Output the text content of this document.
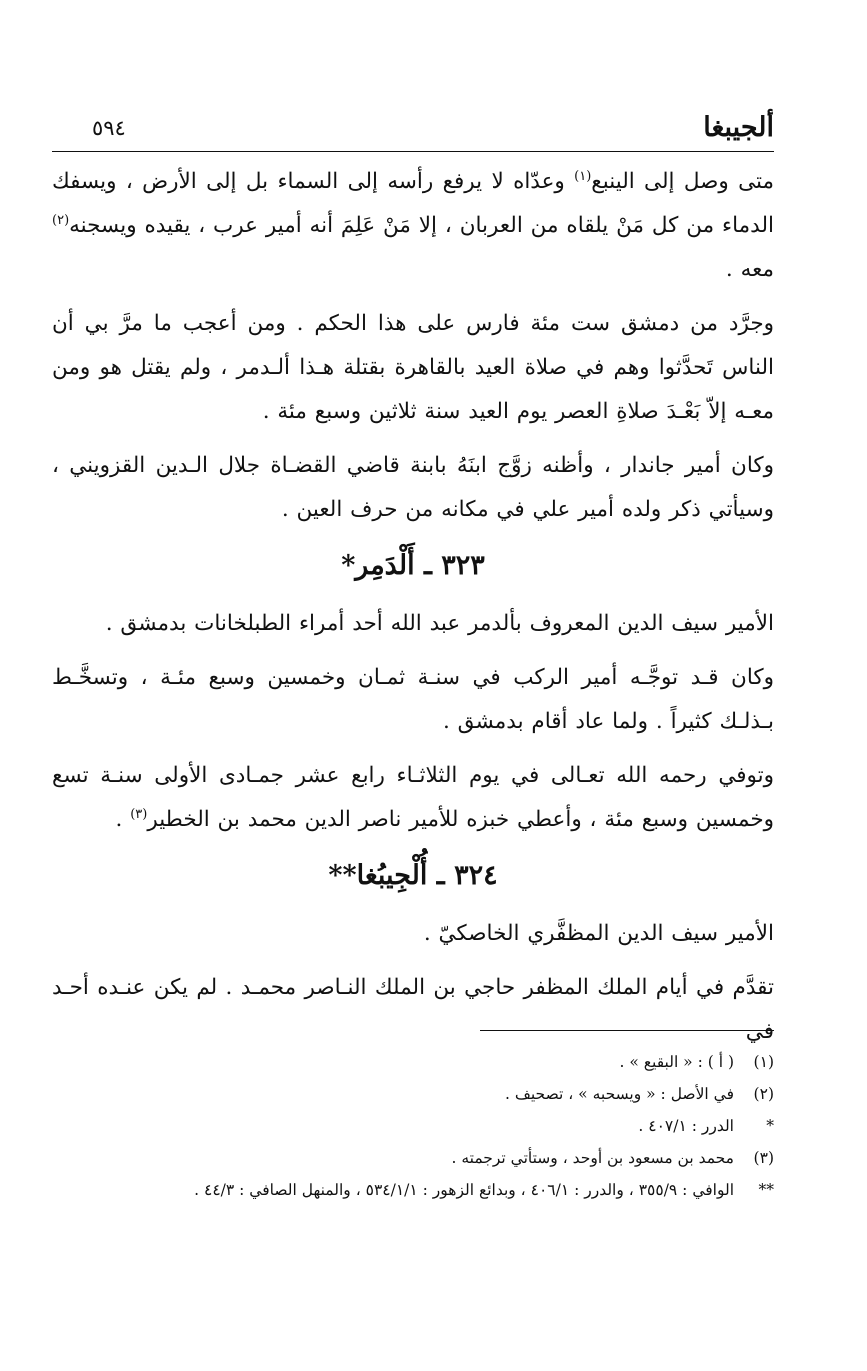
ألجيبغا
٥٩٤

متى وصل إلى الينبع$^{(١)}$ وعدّاه لا يرفع رأسه إلى السماء بل إلى الأرض ، ويسفك الدماء من كل مَنْ يلقاه من العربان ، إلا مَنْ عَلِمَ أنه أمير عرب ، يقيده ويسجنه$^{(٢)}$ معه .

وجرَّد من دمشق ست مئة فارس على هذا الحكم . ومن أعجب ما مرَّ بي أن الناس تَحدَّثوا وهم في صلاة العيد بالقاهرة بقتلة هـذا ألـدمر ، ولم يقتل هو ومن معـه إلاّ بَعْـدَ صلاةِ العصر يوم العيد سنة ثلاثين وسبع مئة .

وكان أمير جاندار ، وأظنه زوَّج ابنَهُ بابنة قاضي القضـاة جلال الـدين القزويني ، وسيأتي ذكر ولده أمير علي في مكانه من حرف العين .

٣٢٣ ـ أَلْدَمِر*

الأمير سيف الدين المعروف بألدمر عبد الله أحد أمراء الطبلخانات بدمشق .

وكان قـد توجَّـه أمير الركب في سنـة ثمـان وخمسين وسبع مئـة ، وتسخَّـط بـذلـك كثيراً . ولما عاد أقام بدمشق .

وتوفي رحمه الله تعـالى في يوم الثلاثـاء رابع عشر جمـادى الأولى سنـة تسع وخمسين وسبع مئة ، وأعطي خبزه للأمير ناصر الدين محمد بن الخطير$^{(٣)}$ .

٣٢٤ ـ أُلْجِيبُغا**

الأمير سيف الدين المظفَّري الخاصكيّ .

تقدَّم في أيام الملك المظفر حاجي بن الملك النـاصر محمـد . لم يكن عنـده أحـد في

(١)
( أ ) : « البقيع » .
(٢)
في الأصل : « ويسحبه » ، تصحيف .
*
الدرر : ٤٠٧/١ .
(٣)
محمد بن مسعود بن أوحد ، وستأتي ترجمته .
**
الوافي : ٣٥٥/٩ ، والدرر : ٤٠٦/١ ، وبدائع الزهور : ٥٣٤/١/١ ، والمنهل الصافي : ٤٤/٣ .
